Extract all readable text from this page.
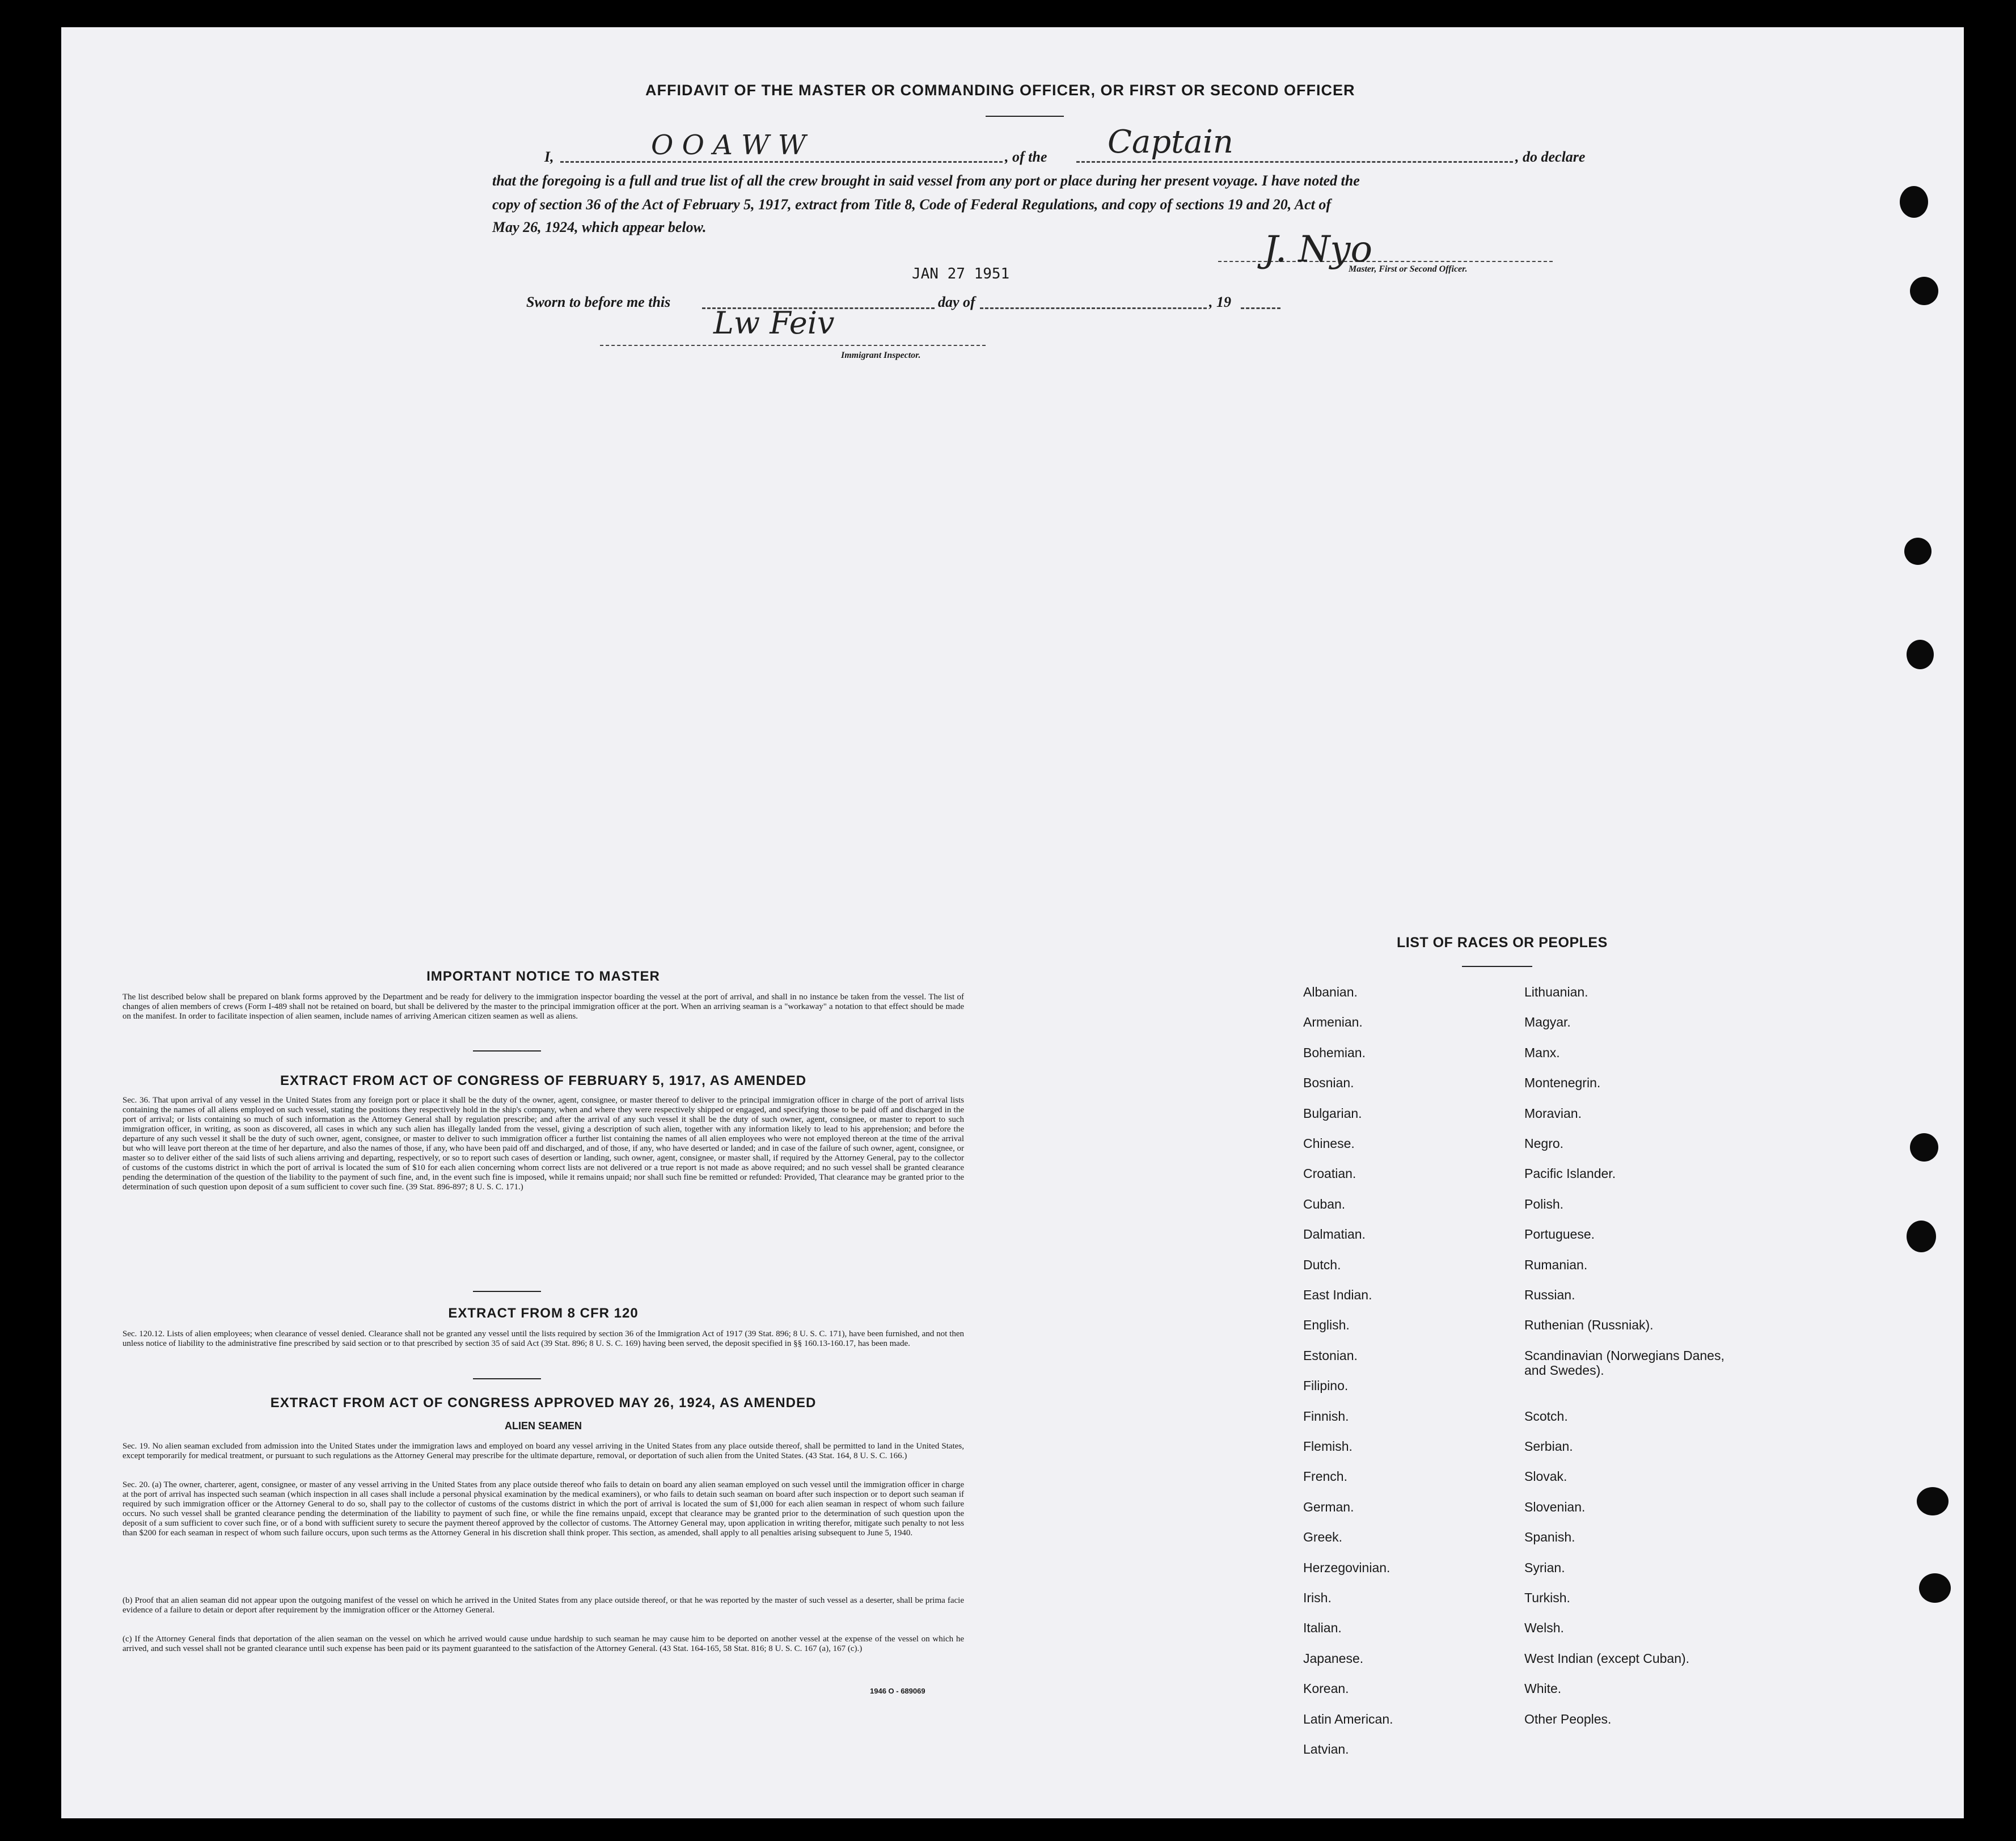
AFFIDAVIT OF THE MASTER OR COMMANDING OFFICER, OR FIRST OR SECOND OFFICER
I,	O O A W W	, of the Captain	, do declare
that the foregoing is a full and true list of all the crew brought in said vessel from any port or place during her present voyage. I have noted the
copy of section 36 of the Act of February 5, 1917, extract from Title 8, Code of Federal Regulations, and copy of sections 19 and 20, Act of
May 26, 1924, which appear below.
J. Nyo
Master, First or Second Officer.
JAN 27 1951
Sworn to before me this	day of	, 19
Lw Feiv
Immigrant Inspector.
IMPORTANT NOTICE TO MASTER
The list described below shall be prepared on blank forms approved by the Department and be ready for delivery to the immigration inspector boarding the vessel at the port of arrival, and shall in no instance be taken from the vessel. The list of changes of alien members of crews (Form I-489 shall not be retained on board, but shall be delivered by the master to the principal immigration officer at the port. When an arriving seaman is a "workaway" a notation to that effect should be made on the manifest. In order to facilitate inspection of alien seamen, include names of arriving American citizen seamen as well as aliens.
EXTRACT FROM ACT OF CONGRESS OF FEBRUARY 5, 1917, AS AMENDED
Sec. 36. That upon arrival of any vessel in the United States from any foreign port or place it shall be the duty of the owner, agent, consignee, or master thereof to deliver to the principal immigration officer in charge of the port of arrival lists containing the names of all aliens employed on such vessel, stating the positions they respectively hold in the ship's company, when and where they were respectively shipped or engaged, and specifying those to be paid off and discharged in the port of arrival; or lists containing so much of such information as the Attorney General shall by regulation prescribe; and after the arrival of any such vessel it shall be the duty of such owner, agent, consignee, or master to report to such immigration officer, in writing, as soon as discovered, all cases in which any such alien has illegally landed from the vessel, giving a description of such alien, together with any information likely to lead to his apprehension; and before the departure of any such vessel it shall be the duty of such owner, agent, consignee, or master to deliver to such immigration officer a further list containing the names of all alien employees who were not employed thereon at the time of the arrival but who will leave port thereon at the time of her departure, and also the names of those, if any, who have been paid off and discharged, and of those, if any, who have deserted or landed; and in case of the failure of such owner, agent, consignee, or master so to deliver either of the said lists of such aliens arriving and departing, respectively, or so to report such cases of desertion or landing, such owner, agent, consignee, or master shall, if required by the Attorney General, pay to the collector of customs of the customs district in which the port of arrival is located the sum of $10 for each alien concerning whom correct lists are not delivered or a true report is not made as above required; and no such vessel shall be granted clearance pending the determination of the question of the liability to the payment of such fine, and, in the event such fine is imposed, while it remains unpaid; nor shall such fine be remitted or refunded: Provided, That clearance may be granted prior to the determination of such question upon deposit of a sum sufficient to cover such fine. (39 Stat. 896-897; 8 U. S. C. 171.)
EXTRACT FROM 8 CFR 120
Sec. 120.12. Lists of alien employees; when clearance of vessel denied. Clearance shall not be granted any vessel until the lists required by section 36 of the Immigration Act of 1917 (39 Stat. 896; 8 U. S. C. 171), have been furnished, and not then unless notice of liability to the administrative fine prescribed by said section or to that prescribed by section 35 of said Act (39 Stat. 896; 8 U. S. C. 169) having been served, the deposit specified in §§ 160.13-160.17, has been made.
EXTRACT FROM ACT OF CONGRESS APPROVED MAY 26, 1924, AS AMENDED
ALIEN SEAMEN
Sec. 19. No alien seaman excluded from admission into the United States under the immigration laws and employed on board any vessel arriving in the United States from any place outside thereof, shall be permitted to land in the United States, except temporarily for medical treatment, or pursuant to such regulations as the Attorney General may prescribe for the ultimate departure, removal, or deportation of such alien from the United States. (43 Stat. 164, 8 U. S. C. 166.)
Sec. 20. (a) The owner, charterer, agent, consignee, or master of any vessel arriving in the United States from any place outside thereof who fails to detain on board any alien seaman employed on such vessel until the immigration officer in charge at the port of arrival has inspected such seaman (which inspection in all cases shall include a personal physical examination by the medical examiners), or who fails to detain such seaman on board after such inspection or to deport such seaman if required by such immigration officer or the Attorney General to do so, shall pay to the collector of customs of the customs district in which the port of arrival is located the sum of $1,000 for each alien seaman in respect of whom such failure occurs. No such vessel shall be granted clearance pending the determination of the liability to payment of such fine, or while the fine remains unpaid, except that clearance may be granted prior to the determination of such question upon the deposit of a sum sufficient to cover such fine, or of a bond with sufficient surety to secure the payment thereof approved by the collector of customs. The Attorney General may, upon application in writing therefor, mitigate such penalty to not less than $200 for each seaman in respect of whom such failure occurs, upon such terms as the Attorney General in his discretion shall think proper. This section, as amended, shall apply to all penalties arising subsequent to June 5, 1940.
(b) Proof that an alien seaman did not appear upon the outgoing manifest of the vessel on which he arrived in the United States from any place outside thereof, or that he was reported by the master of such vessel as a deserter, shall be prima facie evidence of a failure to detain or deport after requirement by the immigration officer or the Attorney General.
(c) If the Attorney General finds that deportation of the alien seaman on the vessel on which he arrived would cause undue hardship to such seaman he may cause him to be deported on another vessel at the expense of the vessel on which he arrived, and such vessel shall not be granted clearance until such expense has been paid or its payment guaranteed to the satisfaction of the Attorney General. (43 Stat. 164-165, 58 Stat. 816; 8 U. S. C. 167 (a), 167 (c).)
1946 O - 689069
LIST OF RACES OR PEOPLES
Albanian.
Armenian.
Bohemian.
Bosnian.
Bulgarian.
Chinese.
Croatian.
Cuban.
Dalmatian.
Dutch.
East Indian.
English.
Estonian.
Filipino.
Finnish.
Flemish.
French.
German.
Greek.
Herzegovinian.
Irish.
Italian.
Japanese.
Korean.
Latin American.
Latvian.
Lithuanian.
Magyar.
Manx.
Montenegrin.
Moravian.
Negro.
Pacific Islander.
Polish.
Portuguese.
Rumanian.
Russian.
Ruthenian (Russniak).
Scandinavian (Norwegians Danes, and Swedes).
Scotch.
Serbian.
Slovak.
Slovenian.
Spanish.
Syrian.
Turkish.
Welsh.
West Indian (except Cuban).
White.
Other Peoples.
